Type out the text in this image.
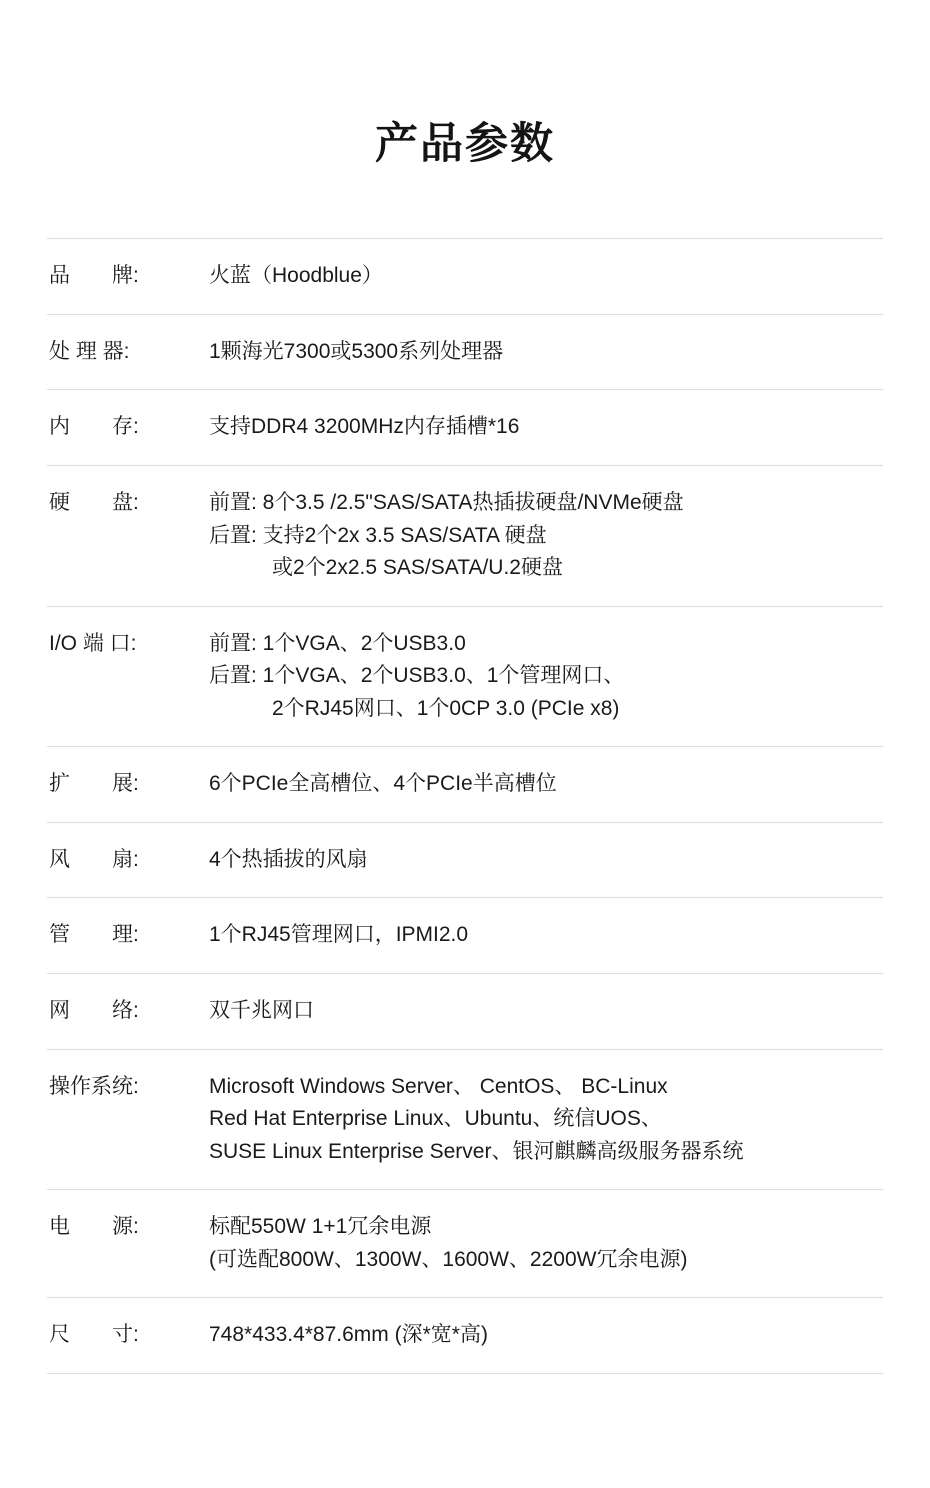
产品参数
品　　牌:	火蓝（Hoodblue）

处 理 器:	1颗海光7300或5300系列处理器

内　　存:	支持DDR4 3200MHz内存插槽*16

硬　　盘:	前置: 8个3.5 /2.5"SAS/SATA热插拔硬盘/NVMe硬盘
后置: 支持2个2x 3.5 SAS/SATA 硬盘
　　　或2个2x2.5 SAS/SATA/U.2硬盘

I/O 端 口:	前置: 1个VGA、2个USB3.0
后置: 1个VGA、2个USB3.0、1个管理网口、
　　　2个RJ45网口、1个0CP 3.0 (PCIe x8)

扩　　展:	6个PCIe全高槽位、4个PCIe半高槽位

风　　扇:	4个热插拔的风扇

管　　理:	1个RJ45管理网口，IPMI2.0

网　　络:	双千兆网口

操作系统:	Microsoft Windows Server、 CentOS、 BC-Linux
Red Hat Enterprise Linux、Ubuntu、统信UOS、
SUSE Linux Enterprise Server、银河麒麟高级服务器系统

电　　源:	标配550W 1+1冗余电源
(可选配800W、1300W、1600W、2200W冗余电源)

尺　　寸:	748*433.4*87.6mm (深*宽*高)
